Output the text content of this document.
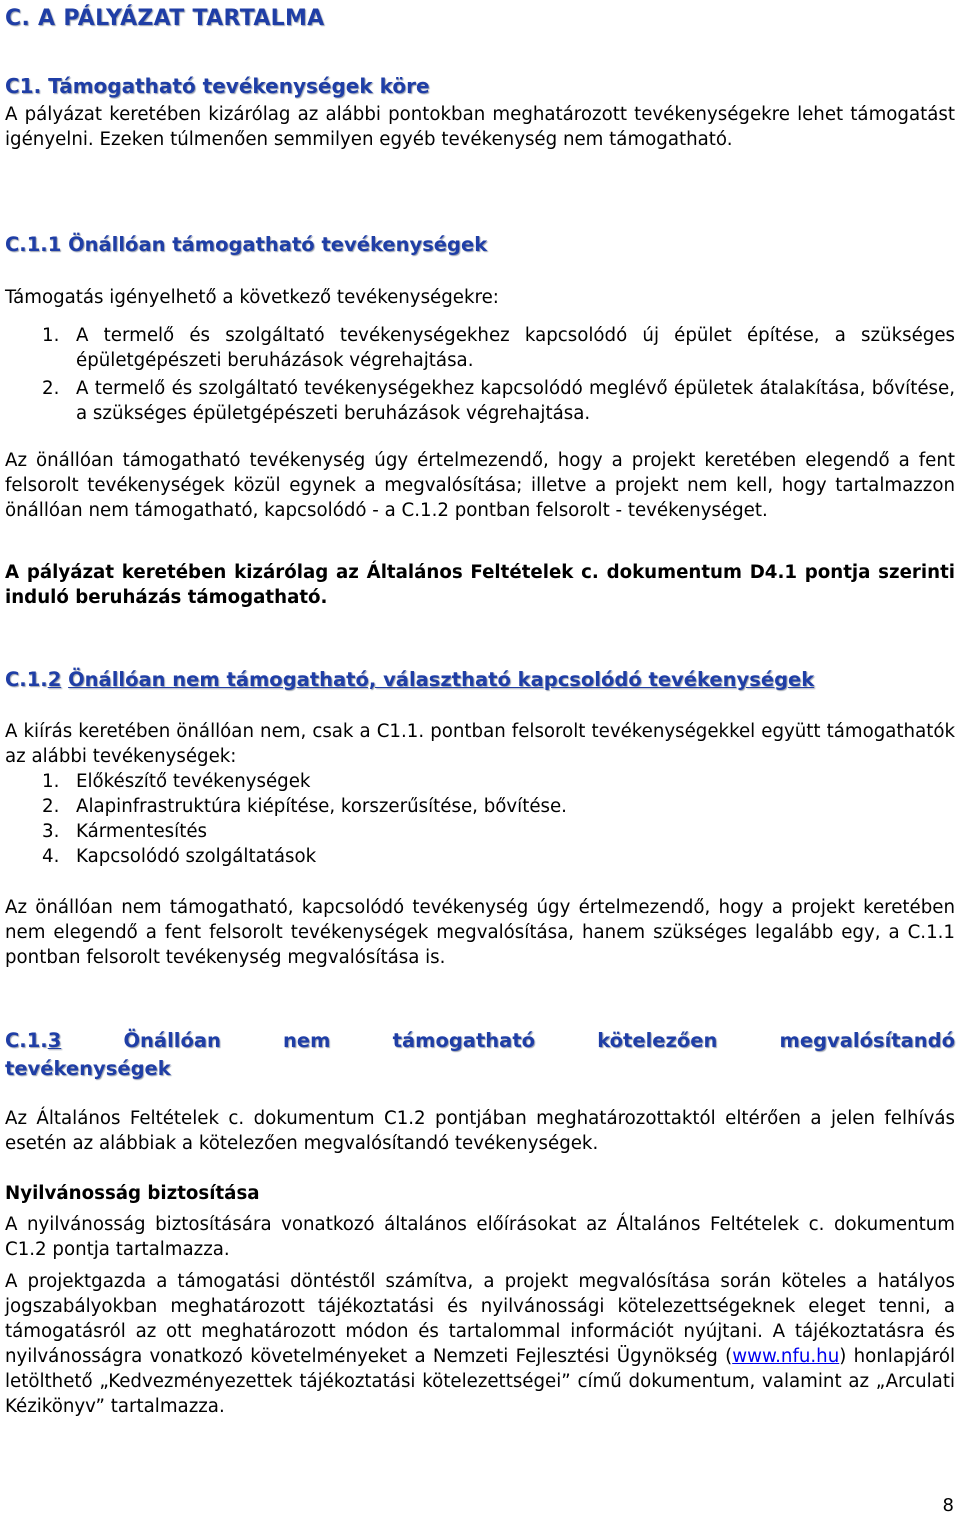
C. A PÁLYÁZAT TARTALMA
C1. Támogatható tevékenységek köre
A pályázat keretében kizárólag az alábbi pontokban meghatározott tevékenységekre lehet támogatást igényelni. Ezeken túlmenően semmilyen egyéb tevékenység nem támogatható.
C.1.1 Önállóan támogatható tevékenységek
Támogatás igényelhető a következő tevékenységekre:
1. A termelő és szolgáltató tevékenységekhez kapcsolódó új épület építése, a szükséges épületgépészeti beruházások végrehajtása.
2. A termelő és szolgáltató tevékenységekhez kapcsolódó meglévő épületek átalakítása, bővítése, a szükséges épületgépészeti beruházások végrehajtása.
Az önállóan támogatható tevékenység úgy értelmezendő, hogy a projekt keretében elegendő a fent felsorolt tevékenységek közül egynek a megvalósítása; illetve a projekt nem kell, hogy tartalmazzon önállóan nem támogatható, kapcsolódó - a C.1.2 pontban felsorolt - tevékenységet.
A pályázat keretében kizárólag az Általános Feltételek c. dokumentum D4.1 pontja szerinti induló beruházás támogatható.
C.1.2 Önállóan nem támogatható, választható kapcsolódó tevékenységek
A kiírás keretében önállóan nem, csak a C1.1. pontban felsorolt tevékenységekkel együtt támogathatók az alábbi tevékenységek:
1. Előkészítő tevékenységek
2. Alapinfrastruktúra kiépítése, korszerűsítése, bővítése.
3. Kármentesítés
4. Kapcsolódó szolgáltatások
Az önállóan nem támogatható, kapcsolódó tevékenység úgy értelmezendő, hogy a projekt keretében nem elegendő a fent felsorolt tevékenységek megvalósítása, hanem szükséges legalább egy, a C.1.1 pontban felsorolt tevékenység megvalósítása is.
C.1.3	Önállóan nem támogatható kötelezően megvalósítandó
tevékenységek
Az Általános Feltételek c. dokumentum C1.2 pontjában meghatározottaktól eltérően a jelen felhívás esetén az alábbiak a kötelezően megvalósítandó tevékenységek.
Nyilvánosság biztosítása
A nyilvánosság biztosítására vonatkozó általános előírásokat az Általános Feltételek c. dokumentum C1.2 pontja tartalmazza.
A projektgazda a támogatási döntéstől számítva, a projekt megvalósítása során köteles a hatályos jogszabályokban meghatározott tájékoztatási és nyilvánossági kötelezettségeknek eleget tenni, a támogatásról az ott meghatározott módon és tartalommal információt nyújtani. A tájékoztatásra és nyilvánosságra vonatkozó követelményeket a Nemzeti Fejlesztési Ügynökség (www.nfu.hu) honlapjáról letölthető „Kedvezményezettek tájékoztatási kötelezettségei” című dokumentum, valamint az „Arculati Kézikönyv” tartalmazza.
8
